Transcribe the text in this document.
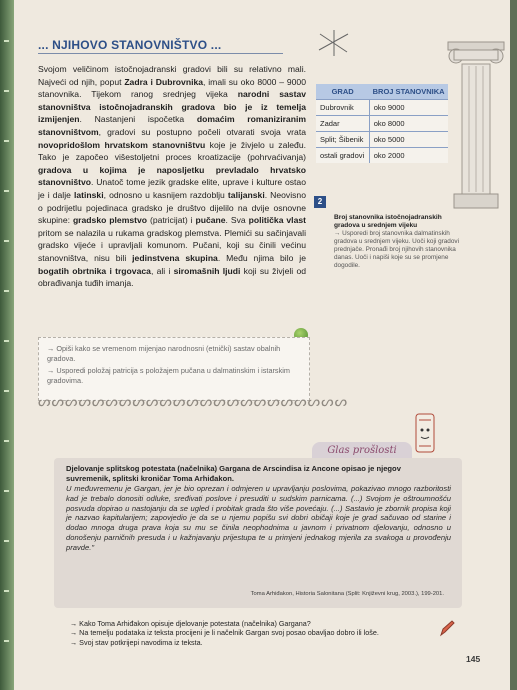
... NJIHOVO STANOVNIŠTVO ...
Svojom veličinom istočnojadranski gradovi bili su relativno mali. Najveći od njih, poput Zadra i Dubrovnika, imali su oko 8000 – 9000 stanovnika. Tijekom ranog srednjeg vijeka narodni sastav stanovništva istočnojadranskih gradova bio je iz temelja izmijenjen. Nastanjeni ispočetka domaćim romaniziranim stanovništvom, gradovi su postupno počeli otvarati svoja vrata novopridošlom hrvatskom stanovništvu koje je živjelo u zaleđu. Tako je započeo višestoljetni proces kroatizacije (pohrvaćivanja) gradova u kojima je naposljetku prevladalo hrvatsko stanovništvo. Unatoč tome jezik gradske elite, uprave i kulture ostao je i dalje latinski, odnosno u kasnijem razdoblju talijanski. Neovisno o podrijetlu pojedinaca gradsko je društvo dijelilo na dvije osnovne skupine: gradsko plemstvo (patricijat) i pučane. Sva politička vlast pritom se nalazila u rukama gradskog plemstva. Plemići su sačinjavali gradsko vijeće i upravljali komunom. Pučani, koji su činili većinu stanovništva, nisu bili jedinstvena skupina. Među njima bilo je bogatih obrtnika i trgovaca, ali i siromašnih ljudi koji su živjeli od obrađivanja tuđih imanja.
GRAD	BROJ STANOVNIKA
Dubrovnik	oko 9000
Zadar	oko 8000
Split; Šibenik	oko 5000
ostali gradovi	oko 2000
2
Broj stanovnika istočnojadranskih gradova u srednjem vijeku
→ Usporedi broj stanovnika dalmatinskih gradova u srednjem vijeku. Uoči koji gradovi prednjače. Pronađi broj njihovih stanovnika danas. Uoči i napiši koje su se promjene dogodile.

→ Opiši kako se vremenom mijenjao narodnosni (etnički) sastav obalnih gradova.

→ Usporedi položaj patricija s položajem pučana u dalmatinskim i istarskim gradovima.

ᔕᔕᔕᔕᔕᔕᔕᔕᔕᔕᔕᔕᔕᔕᔕᔕᔕᔕᔕᔕᔕᔕᔕ
Glas prošlosti
Djelovanje splitskog potestata (načelnika) Gargana de Arscindisa iz Ancone opisao je njegov suvremenik, splitski kroničar Toma Arhiđakon.
U međuvremenu je Gargan, jer je bio oprezan i odmjeren u upravljanju poslovima, pokazivao mnogo razboritosti kad je trebalo donositi odluke, sređivati poslove i presuditi u sudskim parnicama. (...) Svojom je oštroumnošću posvuda dopirao u nastojanju da se ugled i probitak grada što više povećaju. (...) Sastavio je zbornik propisa koji je nazvao kapitularijem; zapovjedio je da se u njemu popišu svi dobri običaji koje je grad sačuvao od starine i dodao mnoga druga prava koja su mu se činila neophodnima u javnom i privatnom djelovanju, odnosno u donošenju parničnih presuda i u kažnjavanju prijestupa te u primjeni jednakog mjerila za svakoga u provođenju pravde."
Toma Arhiđakon, Historia Salonitana (Split: Književni krug, 2003.), 199-201.

→ Kako Toma Arhiđakon opisuje djelovanje potestata (načelnika) Gargana?

→ Na temelju podataka iz teksta procijeni je li načelnik Gargan svoj posao obavljao dobro ili loše.

→ Svoj stav potkrijepi navodima iz teksta.

145
